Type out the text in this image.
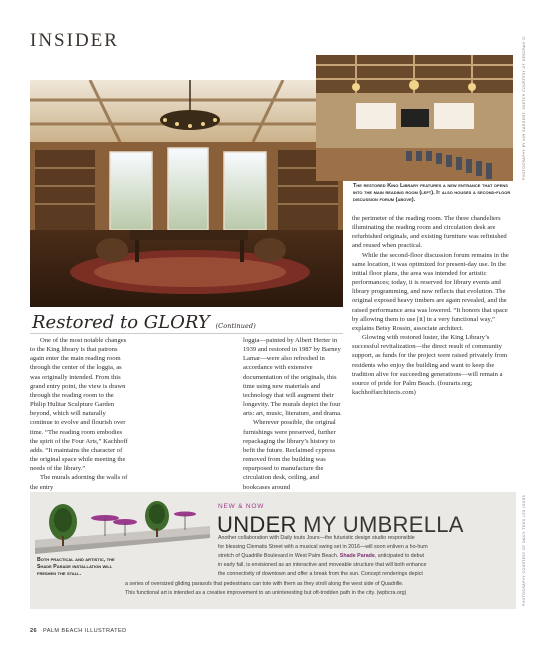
INSIDER	PHOTOGRAPHY BY KIM SARGENT. SKETCH COURTESY OF DEBORAH O.
The restored King Library features a new entrance that opens into the main reading room (left). It also houses a second-floor discussion forum (above).
Restored to GLORY (Continued)

One of the most notable changes to the King library is that patrons again enter the main reading room through the center of the loggia, as was originally intended. From this grand entry point, the view is drawn through the reading room to the Philip Hulitar Sculpture Garden beyond, which will naturally continue to evolve and flourish over time. “The reading room embodies the spirit of the Four Arts,” Kachhoff adds. “It maintains the character of the original space while meeting the needs of the library.”

The murals adorning the walls of the entry

loggia—painted by Albert Herter in 1939 and restored in 1987 by Barney Lamar—were also refreshed in accordance with extensive documentation of the originals, this time using new materials and technology that will augment their longevity. The murals depict the four arts: art, music, literature, and drama.

Wherever possible, the original furnishings were preserved, further repackaging the library’s history to befit the future. Reclaimed cypress removed from the building was repurposed to manufacture the circulation desk, ceiling, and bookcases around

the perimeter of the reading room. The three chandeliers illuminating the reading room and circulation desk are refurbished originals, and existing furniture was refinished and reused when practical.

While the second-floor discussion forum remains in the same location, it was optimized for present-day use. In the initial floor plans, the area was intended for artistic performances; today, it is reserved for library events and library programming, and now reflects that evolution. The original exposed heavy timbers are again revealed, and the raised performance area was lowered. “It honors that space by allowing them to use [it] in a very functional way,” explains Betsy Rossin, associate architect.

Glowing with restored luster, the King Library’s successful revitalization—the direct result of community support, as funds for the project were raised privately from residents who enjoy the building and want to keep the tradition alive for succeeding generations—will remain a source of pride for Palm Beach. (fourarts.org; kachhoffarchitects.com)

NEW & NOW
UNDER MY UMBRELLA
Another collaboration with Daily touts Jours—the futuristic design studio responsible
for blessing Clematis Street with a musical swing set in 2016—will soon enliven a ho-hum
stretch of Quadrille Boulevard in West Palm Beach. Shade Parade, anticipated to debut
in early fall, is envisioned as an interactive and moveable structure that will both enhance
the connectivity of downtown and offer a break from the sun. Concept renderings depict
a series of oversized gliding parasols that pedestrians can tote with them as they stroll along the west side of Quadrille.
This functional art is intended as a creative improvement to an uninteresting but oft-trodden path in the city. (wpbcra.org)
Both practical and artistic, the Shade Parade installation will freshen the stall.	PHOTOGRAPHY COURTESY OF DAILY TOUS LES JOURS
26 PALM BEACH ILLUSTRATED
